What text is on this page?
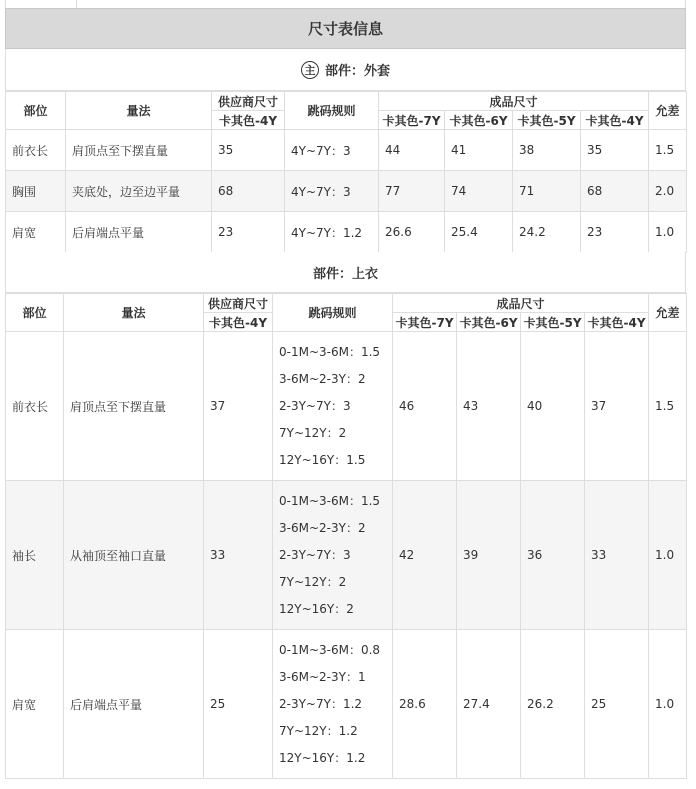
尺寸表信息
主 部件：外套
部位	量法	供应商尺寸	跳码规则	成品尺寸				允差
		卡其色-4Y		卡其色-7Y	卡其色-6Y	卡其色-5Y	卡其色-4Y	
前衣长	肩顶点至下摆直量	35	4Y~7Y：3	44	41	38	35	1.5
胸围	夹底处，边至边平量	68	4Y~7Y：3	77	74	71	68	2.0
肩宽	后肩端点平量	23	4Y~7Y：1.2	26.6	25.4	24.2	23	1.0
部件：上衣
部位	量法	供应商尺寸	跳码规则	成品尺寸				允差
		卡其色-4Y		卡其色-7Y	卡其色-6Y	卡其色-5Y	卡其色-4Y	
前衣长	肩顶点至下摆直量	37	0-1M~3-6M：1.5
3-6M~2-3Y：2
2-3Y~7Y：3
7Y~12Y：2
12Y~16Y：1.5	46	43	40	37	1.5
袖长	从袖顶至袖口直量	33	0-1M~3-6M：1.5
3-6M~2-3Y：2
2-3Y~7Y：3
7Y~12Y：2
12Y~16Y：2	42	39	36	33	1.0
肩宽	后肩端点平量	25	0-1M~3-6M：0.8
3-6M~2-3Y：1
2-3Y~7Y：1.2
7Y~12Y：1.2
12Y~16Y：1.2	28.6	27.4	26.2	25	1.0
